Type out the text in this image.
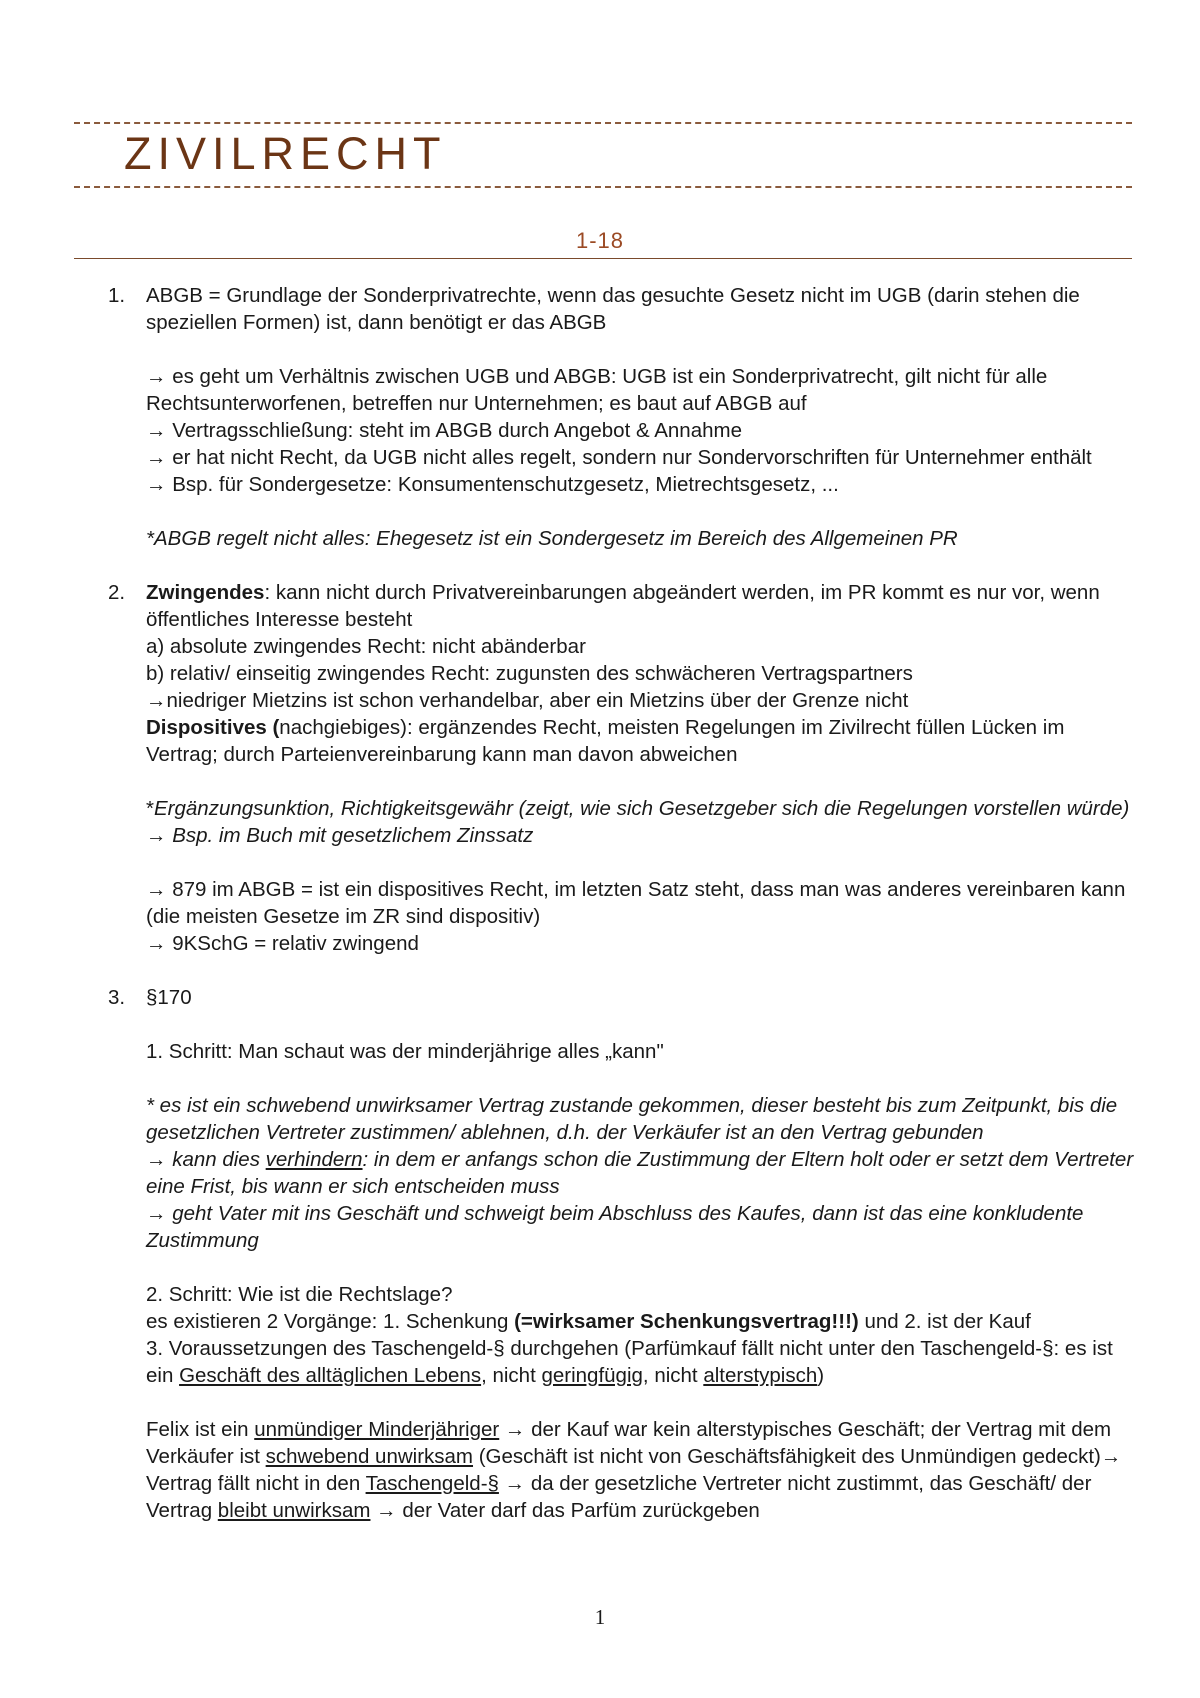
ZIVILRECHT
1-18
1. ABGB = Grundlage der Sonderprivatrechte, wenn das gesuchte Gesetz nicht im UGB (darin stehen die speziellen Formen) ist, dann benötigt er das ABGB

→ es geht um Verhältnis zwischen UGB und ABGB: UGB ist ein Sonderprivatrecht, gilt nicht für alle Rechtsunterworfenen, betreffen nur Unternehmen; es baut auf ABGB auf

→ Vertragsschließung: steht im ABGB durch Angebot & Annahme

→ er hat nicht Recht, da UGB nicht alles regelt, sondern nur Sondervorschriften für Unternehmer enthält

→ Bsp. für Sondergesetze: Konsumentenschutzgesetz, Mietrechtsgesetz, ...

*ABGB regelt nicht alles: Ehegesetz ist ein Sondergesetz im Bereich des Allgemeinen PR

2. Zwingendes: kann nicht durch Privatvereinbarungen abgeändert werden, im PR kommt es nur vor, wenn öffentliches Interesse besteht

a) absolute zwingendes Recht: nicht abänderbar

b) relativ/ einseitig zwingendes Recht: zugunsten des schwächeren Vertragspartners

→niedriger Mietzins ist schon verhandelbar, aber ein Mietzins über der Grenze nicht

Dispositives (nachgiebiges): ergänzendes Recht, meisten Regelungen im Zivilrecht füllen Lücken im Vertrag; durch Parteienvereinbarung kann man davon abweichen

*Ergänzungsunktion, Richtigkeitsgewähr (zeigt, wie sich Gesetzgeber sich die Regelungen vorstellen würde) → Bsp. im Buch mit gesetzlichem Zinssatz

→ 879 im ABGB = ist ein dispositives Recht, im letzten Satz steht, dass man was anderes vereinbaren kann (die meisten Gesetze im ZR sind dispositiv)

→ 9KSchG = relativ zwingend

3. §170

1. Schritt: Man schaut was der minderjährige alles „kann"

* es ist ein schwebend unwirksamer Vertrag zustande gekommen, dieser besteht bis zum Zeitpunkt, bis die gesetzlichen Vertreter zustimmen/ ablehnen, d.h. der Verkäufer ist an den Vertrag gebunden

→ kann dies verhindern: in dem er anfangs schon die Zustimmung der Eltern holt oder er setzt dem Vertreter eine Frist, bis wann er sich entscheiden muss

→ geht Vater mit ins Geschäft und schweigt beim Abschluss des Kaufes, dann ist das eine konkludente Zustimmung

2. Schritt: Wie ist die Rechtslage?

es existieren 2 Vorgänge: 1. Schenkung (=wirksamer Schenkungsvertrag!!!) und 2. ist der Kauf

3. Voraussetzungen des Taschengeld-§ durchgehen (Parfümkauf fällt nicht unter den Taschengeld-§: es ist ein Geschäft des alltäglichen Lebens, nicht geringfügig, nicht alterstypisch)

Felix ist ein unmündiger Minderjähriger → der Kauf war kein alterstypisches Geschäft; der Vertrag mit dem Verkäufer ist schwebend unwirksam (Geschäft ist nicht von Geschäftsfähigkeit des Unmündigen gedeckt)→ Vertrag fällt nicht in den Taschengeld-§ → da der gesetzliche Vertreter nicht zustimmt, das Geschäft/ der Vertrag bleibt unwirksam → der Vater darf das Parfüm zurückgeben

1
